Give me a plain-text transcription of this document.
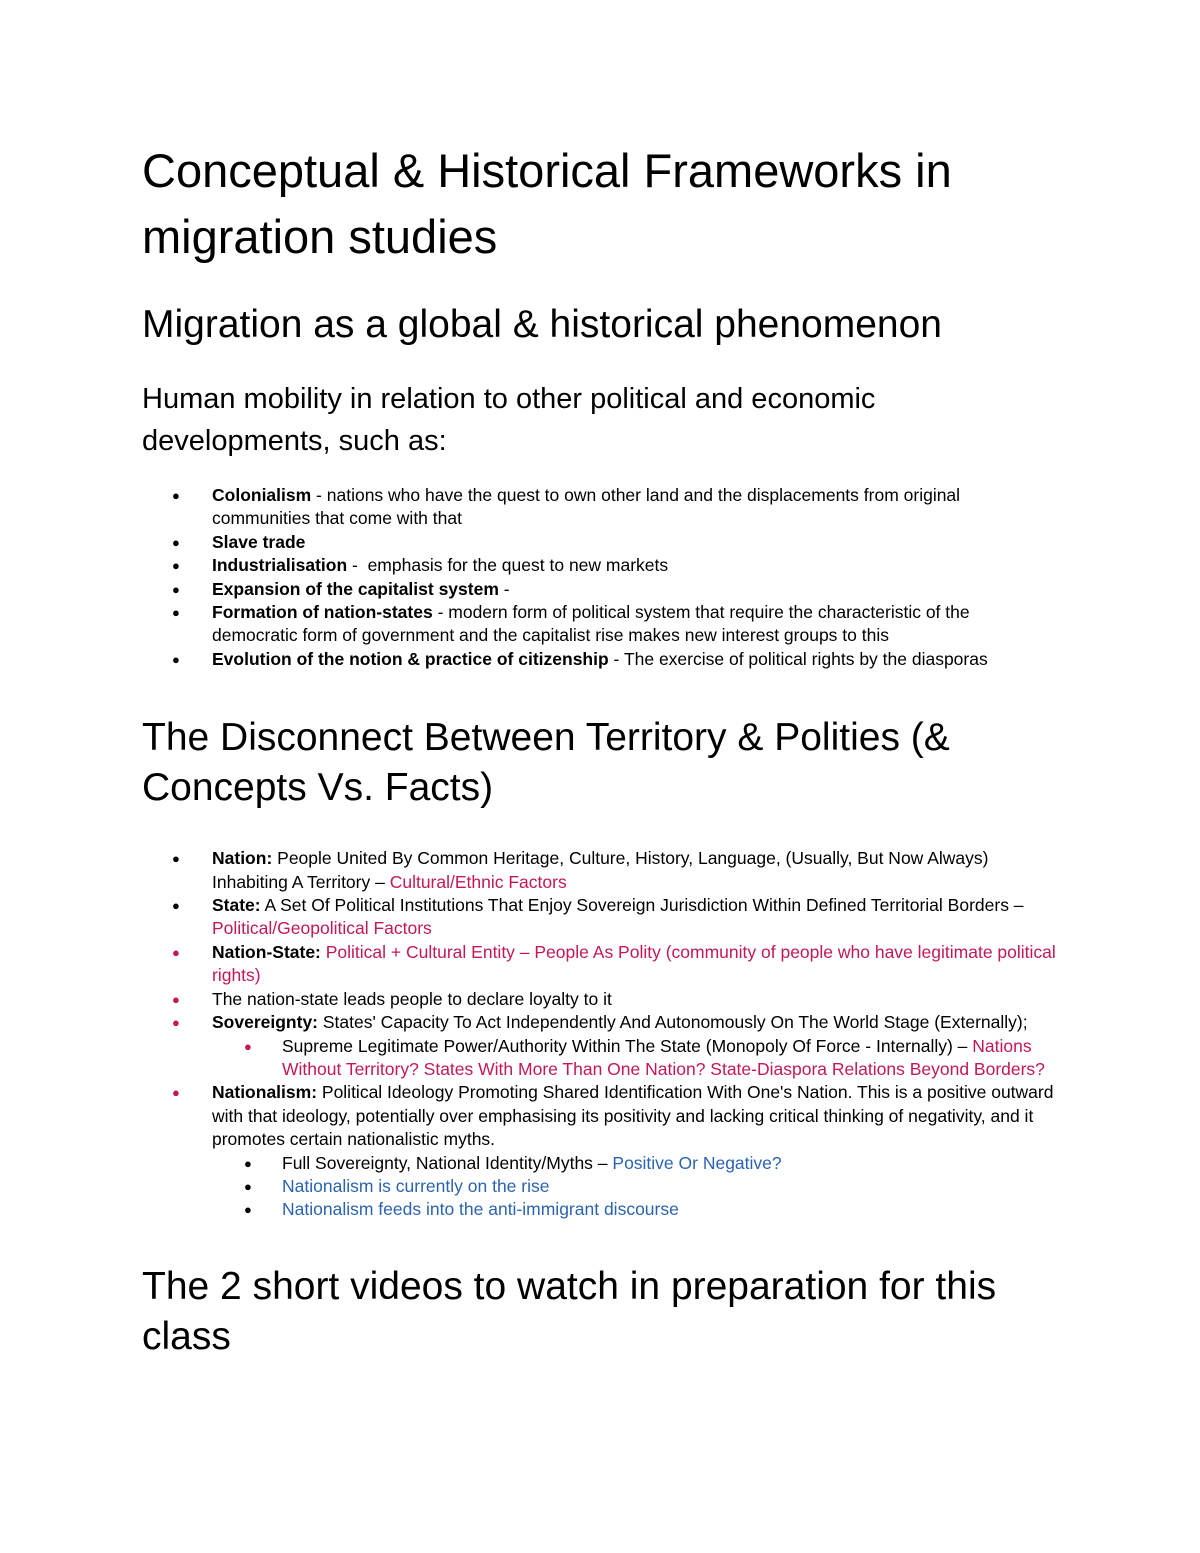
Conceptual & Historical Frameworks in migration studies
Migration as a global & historical phenomenon
Human mobility in relation to other political and economic developments, such as:
● Colonialism - nations who have the quest to own other land and the displacements from original communities that come with that
● Slave trade
● Industrialisation -  emphasis for the quest to new markets
● Expansion of the capitalist system -
● Formation of nation-states - modern form of political system that require the characteristic of the democratic form of government and the capitalist rise makes new interest groups to this
● Evolution of the notion & practice of citizenship - The exercise of political rights by the diasporas
The Disconnect Between Territory & Polities (& Concepts Vs. Facts)
● Nation: People United By Common Heritage, Culture, History, Language, (Usually, But Now Always) Inhabiting A Territory – Cultural/Ethnic Factors
● State: A Set Of Political Institutions That Enjoy Sovereign Jurisdiction Within Defined Territorial Borders – Political/Geopolitical Factors
● Nation-State: Political + Cultural Entity – People As Polity (community of people who have legitimate political rights)
● The nation-state leads people to declare loyalty to it
● Sovereignty: States' Capacity To Act Independently And Autonomously On The World Stage (Externally);
● Supreme Legitimate Power/Authority Within The State (Monopoly Of Force - Internally) – Nations Without Territory? States With More Than One Nation? State-Diaspora Relations Beyond Borders?
● Nationalism: Political Ideology Promoting Shared Identification With One's Nation. This is a positive outward with that ideology, potentially over emphasising its positivity and lacking critical thinking of negativity, and it promotes certain nationalistic myths.
● Full Sovereignty, National Identity/Myths – Positive Or Negative?
● Nationalism is currently on the rise
● Nationalism feeds into the anti-immigrant discourse
The 2 short videos to watch in preparation for this class
